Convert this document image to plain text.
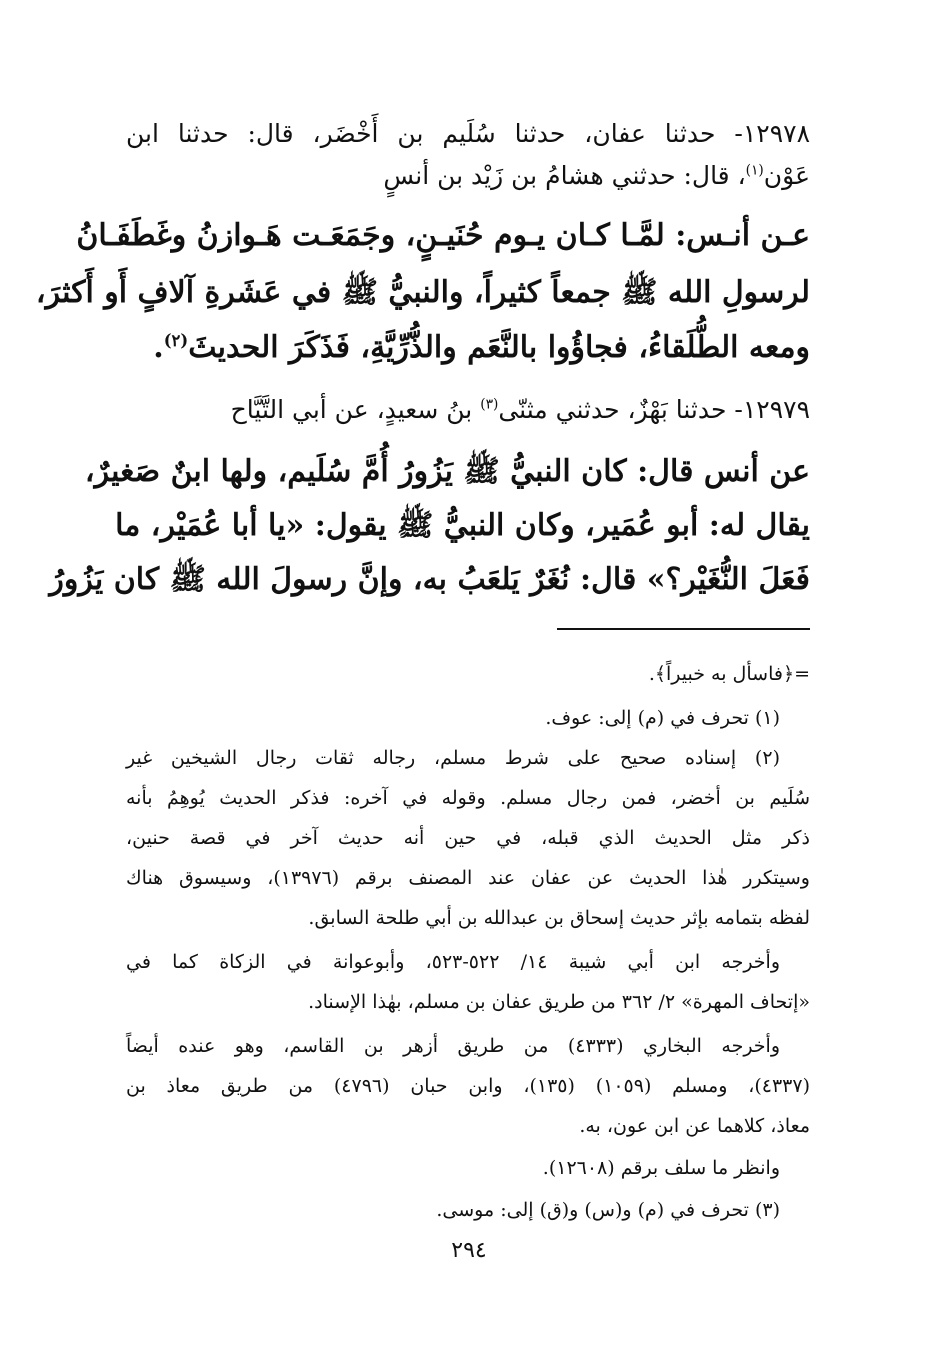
١٢٩٧٨- حدثنا عفان، حدثنا سُلَيم بن أَخْضَر، قال: حدثنا ابن
عَوْن$^{(١)}$، قال: حدثني هشامُ بن زَيْد بن أنسٍ
عـن أنـس: لمَّـا كـان يـوم حُنَيـنٍ، وجَمَعَـت هَـوازنُ وغَطَفَـانُ
لرسولِ الله ﷺ جمعاً كثيراً، والنبيُّ ﷺ في عَشَرةِ آلافٍ أَو أَكثرَ،
ومعه الطُّلَقاءُ، فجاؤُوا بالنَّعَم والذُّرِّيَّةِ، فَذَكَرَ الحديثَ$^{(٢)}$.
١٢٩٧٩- حدثنا بَهْزٌ، حدثني مثنّى$^{(٣)}$ بنُ سعيدٍ، عن أبي التَّيَّاح
عن أنس قال: كان النبيُّ ﷺ يَزُورُ أُمَّ سُلَيم، ولها ابنٌ صَغيرٌ،
يقال له: أبو عُمَير، وكان النبيُّ ﷺ يقول: «يا أبا عُمَيْر، ما
فَعَلَ النُّغَيْر؟» قال: نُغَرٌ يَلعَبُ به، وإنَّ رسولَ الله ﷺ كان يَزُورُ
=﴿فاسأل به خبيراً﴾.
(١) تحرف في (م) إلى: عوف.
(٢) إسناده صحيح على شرط مسلم، رجاله ثقات رجال الشيخين غير
سُلَيم بن أخضر، فمن رجال مسلم. وقوله في آخره: فذكر الحديث يُوهِمُ بأنه
ذكر مثل الحديث الذي قبله، في حين أنه حديث آخر في قصة حنين،
وسيتكرر هٰذا الحديث عن عفان عند المصنف برقم (١٣٩٧٦)، وسيسوق هناك
لفظه بتمامه بإثر حديث إسحاق بن عبدالله بن أبي طلحة السابق.
وأخرجه ابن أبي شيبة ١٤/ ٥٢٢-٥٢٣، وأبوعوانة في الزكاة كما في
«إتحاف المهرة» ٢/ ٣٦٢ من طريق عفان بن مسلم، بهٰذا الإسناد.
وأخرجه البخاري (٤٣٣٣) من طريق أزهر بن القاسم، وهو عنده أيضاً
(٤٣٣٧)، ومسلم (١٠٥٩) (١٣٥)، وابن حبان (٤٧٩٦) من طريق معاذ بن
معاذ، كلاهما عن ابن عون، به.
وانظر ما سلف برقم (١٢٦٠٨).
(٣) تحرف في (م) و(س) و(ق) إلى: موسى.
٢٩٤
